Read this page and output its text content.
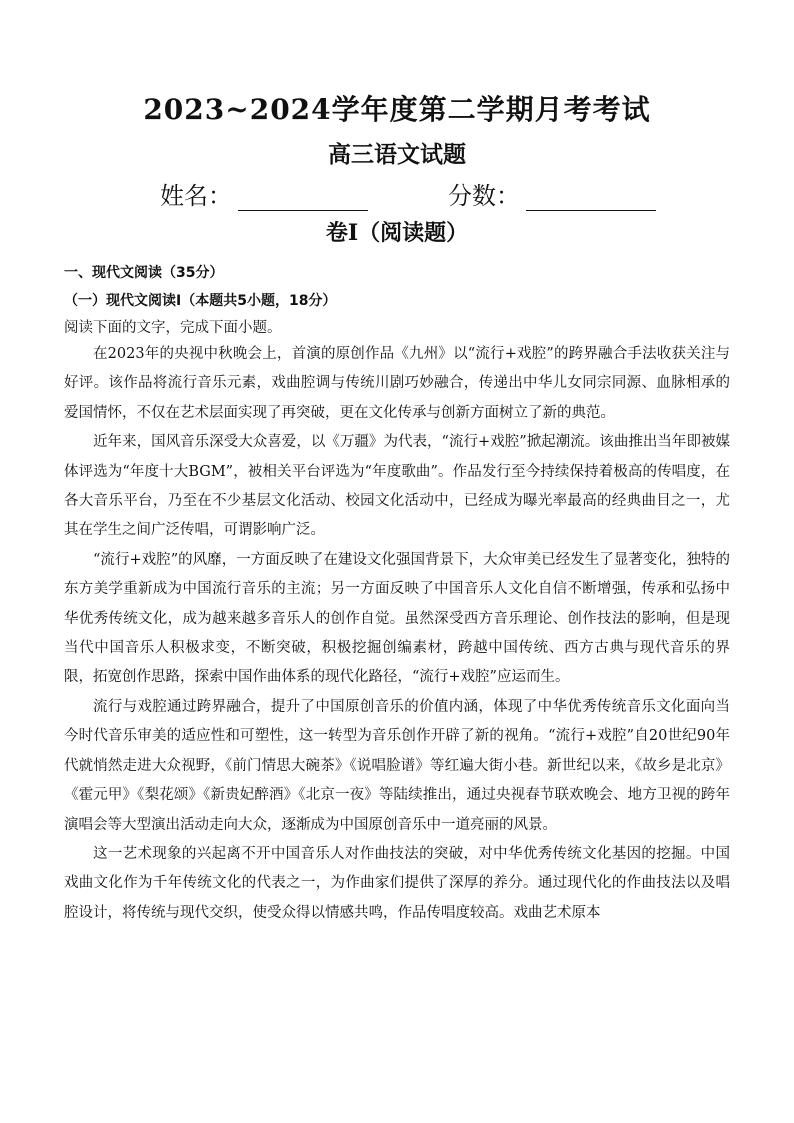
2023~2024学年度第二学期月考考试
高三语文试题
姓名：	分数：
卷I（阅读题）
一、现代文阅读（35分）
（一）现代文阅读I（本题共5小题，18分）
阅读下面的文字，完成下面小题。

在2023年的央视中秋晚会上，首演的原创作品《九州》以“流行+戏腔”的跨界融合手法收获关注与好评。该作品将流行音乐元素，戏曲腔调与传统川剧巧妙融合，传递出中华儿女同宗同源、血脉相承的爱国情怀，不仅在艺术层面实现了再突破，更在文化传承与创新方面树立了新的典范。

近年来，国风音乐深受大众喜爱，以《万疆》为代表，“流行+戏腔”掀起潮流。该曲推出当年即被媒体评选为“年度十大BGM”，被相关平台评选为“年度歌曲”。作品发行至今持续保持着极高的传唱度，在各大音乐平台，乃至在不少基层文化活动、校园文化活动中，已经成为曝光率最高的经典曲目之一，尤其在学生之间广泛传唱，可谓影响广泛。

“流行+戏腔”的风靡，一方面反映了在建设文化强国背景下，大众审美已经发生了显著变化，独特的东方美学重新成为中国流行音乐的主流；另一方面反映了中国音乐人文化自信不断增强，传承和弘扬中华优秀传统文化，成为越来越多音乐人的创作自觉。虽然深受西方音乐理论、创作技法的影响，但是现当代中国音乐人积极求变，不断突破，积极挖掘创编素材，跨越中国传统、西方古典与现代音乐的界限，拓宽创作思路，探索中国作曲体系的现代化路径，“流行+戏腔”应运而生。

流行与戏腔通过跨界融合，提升了中国原创音乐的价值内涵，体现了中华优秀传统音乐文化面向当今时代音乐审美的适应性和可塑性，这一转型为音乐创作开辟了新的视角。“流行+戏腔”自20世纪90年代就悄然走进大众视野，《前门情思大碗茶》《说唱脸谱》等红遍大街小巷。新世纪以来，《故乡是北京》《霍元甲》《梨花颂》《新贵妃醉酒》《北京一夜》等陆续推出，通过央视春节联欢晚会、地方卫视的跨年演唱会等大型演出活动走向大众，逐渐成为中国原创音乐中一道亮丽的风景。

这一艺术现象的兴起离不开中国音乐人对作曲技法的突破，对中华优秀传统文化基因的挖掘。中国戏曲文化作为千年传统文化的代表之一，为作曲家们提供了深厚的养分。通过现代化的作曲技法以及唱腔设计，将传统与现代交织，使受众得以情感共鸣，作品传唱度较高。戏曲艺术原本
